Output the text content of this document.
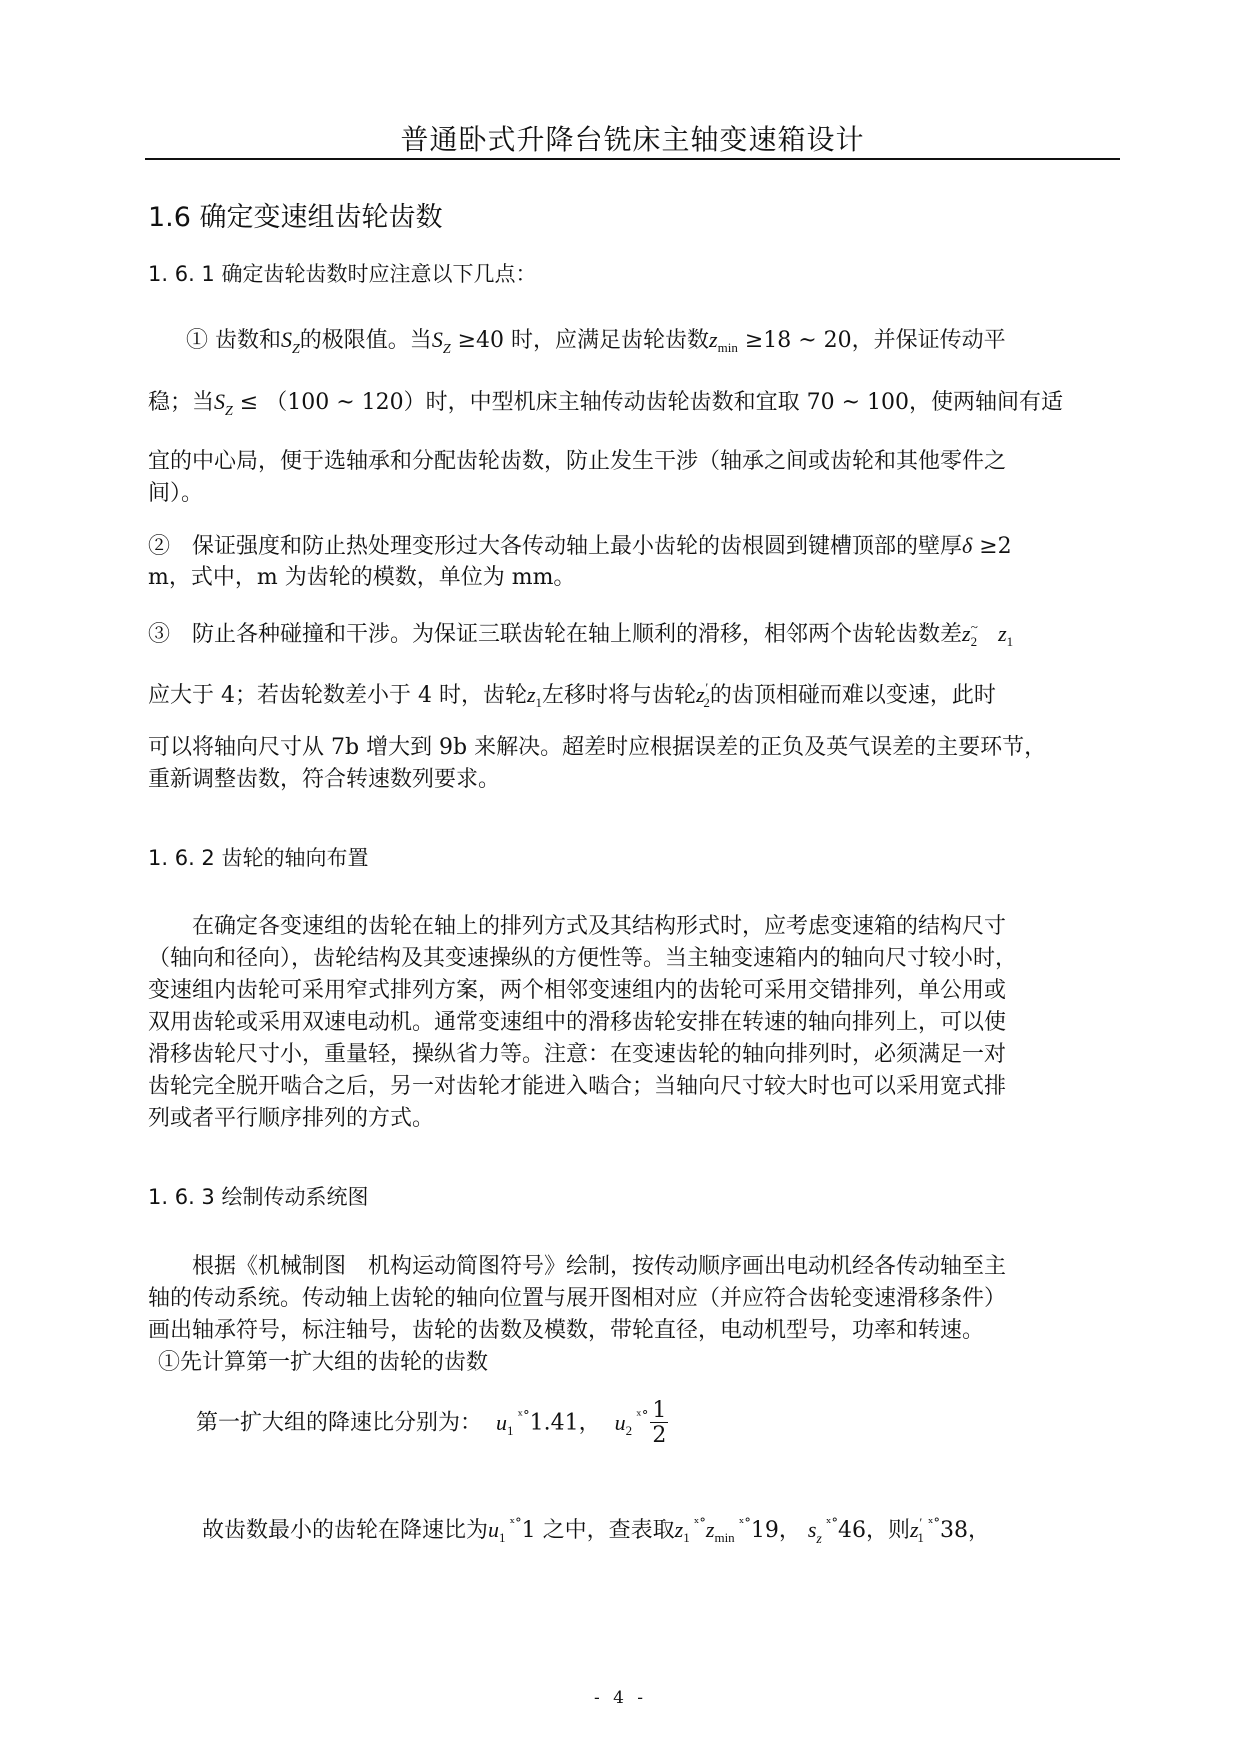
普通卧式升降台铣床主轴变速箱设计
1.6 确定变速组齿轮齿数
1. 6. 1 确定齿轮齿数时应注意以下几点：
① 齿数和$S_Z$的极限值。当$S_Z \ge 40$ 时，应满足齿轮齿数$z_{min} \ge 18$ ~ 20，并保证传动平
稳；当$S_Z \le (100$ ~ 120）时，中型机床主轴传动齿轮齿数和宜取 70 ~ 100，使两轴间有适
宜的中心局，便于选轴承和分配齿轮齿数，防止发生干涉（轴承之间或齿轮和其他零件之
间）。
②　保证强度和防止热处理变形过大各传动轴上最小齿轮的齿根圆到键槽顶部的壁厚δ ≥2
m，式中，m 为齿轮的模数，单位为 mm。
③　防止各种碰撞和干涉。为保证三联齿轮在轴上顺利的滑移，相邻两个齿轮齿数差$z^\sim_2$ $z_1$
应大于 4；若齿轮数差小于 4 时，齿轮$z_1$左移时将与齿轮$z'_2$的齿顶相碰而难以变速，此时
可以将轴向尺寸从 7b 增大到 9b 来解决。超差时应根据误差的正负及英气误差的主要环节，
重新调整齿数，符合转速数列要求。
1. 6. 2 齿轮的轴向布置
　　在确定各变速组的齿轮在轴上的排列方式及其结构形式时，应考虑变速箱的结构尺寸
（轴向和径向），齿轮结构及其变速操纵的方便性等。当主轴变速箱内的轴向尺寸较小时，
变速组内齿轮可采用窄式排列方案，两个相邻变速组内的齿轮可采用交错排列，单公用或
双用齿轮或采用双速电动机。通常变速组中的滑移齿轮安排在转速的轴向排列上，可以使
滑移齿轮尺寸小，重量轻，操纵省力等。注意：在变速齿轮的轴向排列时，必须满足一对
齿轮完全脱开啮合之后，另一对齿轮才能进入啮合；当轴向尺寸较大时也可以采用宽式排
列或者平行顺序排列的方式。
1. 6. 3 绘制传动系统图
　　根据《机械制图　机构运动简图符号》绘制，按传动顺序画出电动机经各传动轴至主
轴的传动系统。传动轴上齿轮的轴向位置与展开图相对应（并应符合齿轮变速滑移条件）
画出轴承符号，标注轴号，齿轮的齿数及模数，带轮直径，电动机型号，功率和转速。
①先计算第一扩大组的齿轮的齿数
第一扩大组的降速比分别为： $u_1$ $^{ˣ^\circ}$1.41， $u_2$ $^{ˣ^\circ} \frac{1}{2}$
故齿数最小的齿轮在降速比为$u_1$ $^{ˣ^\circ}$1 之中，查表取$z_1$ $^{ˣ^\circ}z_{min}$ $^{ˣ^\circ}$19， $s_z$ $^{ˣ^\circ}$46，则$z'_1$ $^{ˣ^\circ}$38，
- 4 -
